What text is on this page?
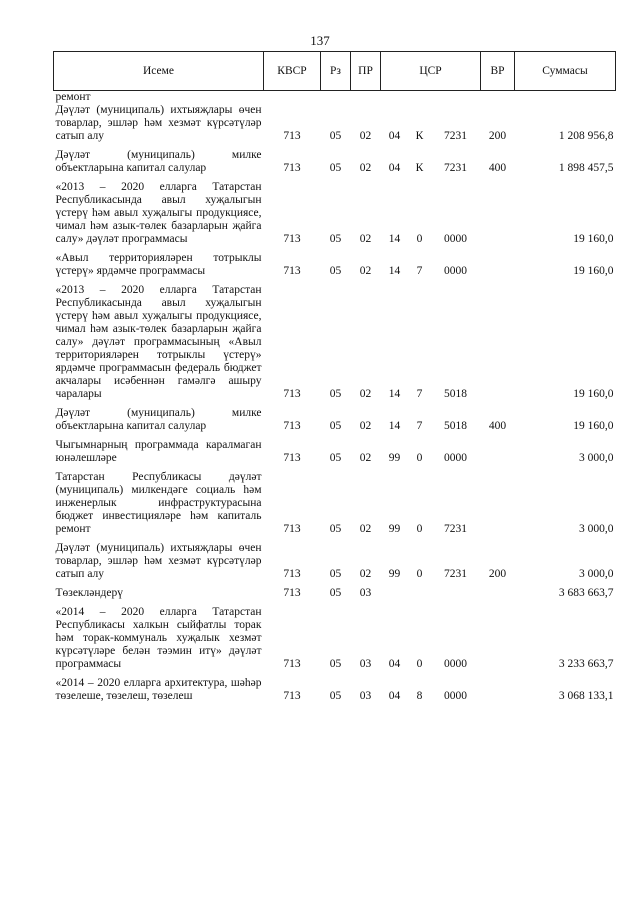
137
Исеме	КВСР	Рз	ПР	ЦСР			ВР	Суммасы
ремонт								
Дәүләт (муниципаль) ихтыяҗлары өчен товарлар, эшләр һәм хезмәт күрсәтүләр сатып алу	713	05	02	04	К	7231	200	1 208 956,8

Дәүләт (муниципаль) милке объектларына капитал салулар	713	05	02	04	К	7231	400	1 898 457,5

«2013 – 2020 елларга Татарстан Республикасында авыл хуҗалыгын үстерү һәм авыл хуҗалыгы продукциясе, чимал һәм азык-төлек базарларын җайга салу» дәүләт программасы	713	05	02	14	0	0000		19 160,0

«Авыл территорияләрен тотрыклы үстерү» ярдәмче программасы	713	05	02	14	7	0000		19 160,0

«2013 – 2020 елларга Татарстан Республикасында авыл хуҗалыгын үстерү һәм авыл хуҗалыгы продукциясе, чимал һәм азык-төлек базарларын җайга салу» дәүләт программасының «Авыл территорияләрен тотрыклы үстерү» ярдәмче программасын федераль бюджет акчалары исәбеннән гамәлгә ашыру чаралары	713	05	02	14	7	5018		19 160,0

Дәүләт (муниципаль) милке объектларына капитал салулар	713	05	02	14	7	5018	400	19 160,0

Чыгымнарның программада каралмаган юнәлешләре	713	05	02	99	0	0000		3 000,0

Татарстан Республикасы дәүләт (муниципаль) милкендәге социаль һәм инженерлык инфраструктурасына бюджет инвестицияләре һәм капиталь ремонт	713	05	02	99	0	7231		3 000,0

Дәүләт (муниципаль) ихтыяҗлары өчен товарлар, эшләр һәм хезмәт күрсәтүләр сатып алу	713	05	02	99	0	7231	200	3 000,0

Төзекләндерү	713	05	03					3 683 663,7

«2014 – 2020 елларга Татарстан Республикасы халкын сыйфатлы торак һәм торак-коммуналь хуҗалык хезмәт күрсәтүләре белән тәэмин итү» дәүләт программасы	713	05	03	04	0	0000		3 233 663,7

«2014 – 2020 елларга архитектура, шәһәр төзелеше, төзелеш, төзелеш	713	05	03	04	8	0000		3 068 133,1
